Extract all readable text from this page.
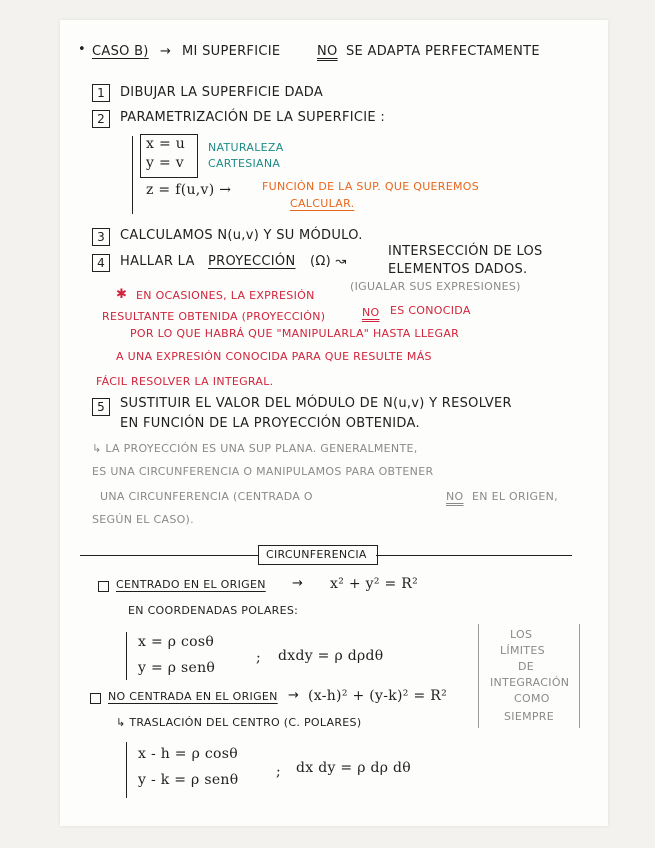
• CASO B) → MI SUPERFICIE	NO SE ADAPTA PERFECTAMENTE
1	DIBUJAR LA SUPERFICIE DADA
2	PARAMETRIZACIÓN DE LA SUPERFICIE :
x = u
y = v
NATURALEZA
CARTESIANA
z = f(u,v) →	FUNCIÓN DE LA SUP. QUE QUEREMOS
CALCULAR.
3	CALCULAMOS N(u,v) Y SU MÓDULO.
4	HALLAR LA PROYECCIÓN (Ω) ↝
INTERSECCIÓN DE LOS
ELEMENTOS DADOS.
✱ EN OCASIONES, LA EXPRESIÓN
(IGUALAR SUS EXPRESIONES)
RESULTANTE OBTENIDA (PROYECCIÓN)	NO ES CONOCIDA
POR LO QUE HABRÁ QUE "MANIPULARLA" HASTA LLEGAR
A UNA EXPRESIÓN CONOCIDA PARA QUE RESULTE MÁS
FÁCIL RESOLVER LA INTEGRAL.
5	SUSTITUIR EL VALOR DEL MÓDULO DE N(u,v) Y RESOLVER
EN FUNCIÓN DE LA PROYECCIÓN OBTENIDA.
↳ LA PROYECCIÓN ES UNA SUP PLANA. GENERALMENTE,
ES UNA CIRCUNFERENCIA O MANIPULAMOS PARA OBTENER
UNA CIRCUNFERENCIA (CENTRADA O	NO EN EL ORIGEN,
SEGÚN EL CASO).
CIRCUNFERENCIA
CENTRADO EN EL ORIGEN → x² + y² = R²
EN COORDENADAS POLARES:
x = ρ cosθ
y = ρ senθ
; dxdy = ρ dρdθ
LOS
LÍMITES
DE
INTEGRACIÓN
COMO
SIEMPRE
NO CENTRADA EN EL ORIGEN → (x-h)² + (y-k)² = R²
↳ TRASLACIÓN DEL CENTRO (C. POLARES)
x - h = ρ cosθ
y - k = ρ senθ	; dx dy = ρ dρ dθ
